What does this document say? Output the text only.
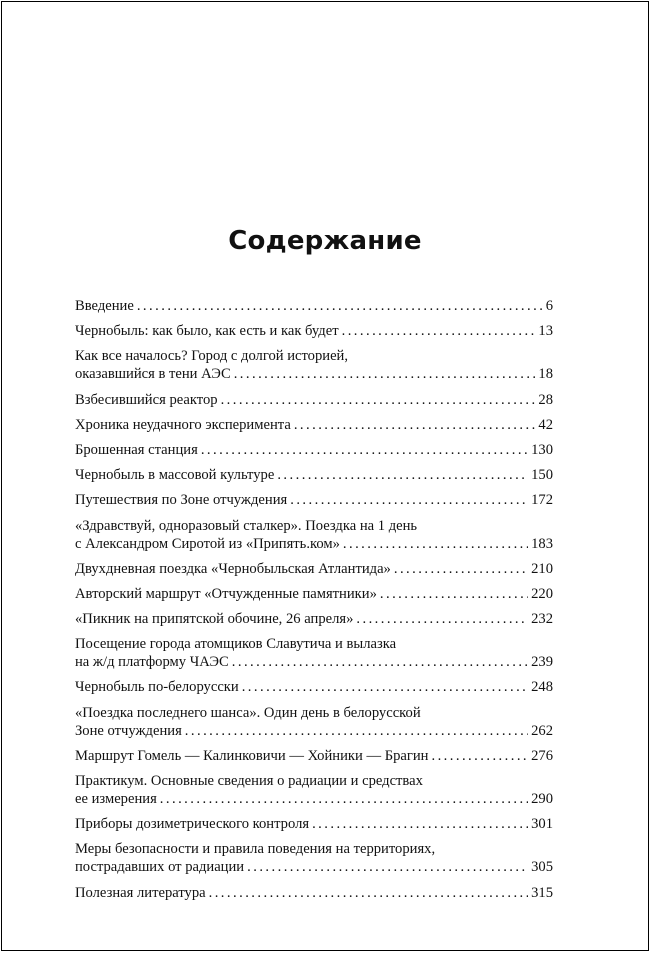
Содержание
Введение . . .	6
Чернобыль: как было, как есть и как будет . . .	13
Как все началось? Город с долгой историей,
оказавшийся в тени АЭС . . .	18
Взбесившийся реактор . . .	28
Хроника неудачного эксперимента . . .	42
Брошенная станция . . .	130
Чернобыль в массовой культуре . . .	150
Путешествия по Зоне отчуждения . . .	172
«Здравствуй, одноразовый сталкер». Поездка на 1 день
с Александром Сиротой из «Припять.ком» . . .	183
Двухдневная поездка «Чернобыльская Атлантида» . . .	210
Авторский маршрут «Отчужденные памятники» . . .	220
«Пикник на припятской обочине, 26 апреля» . . .	232
Посещение города атомщиков Славутича и вылазка
на ж/д платформу ЧАЭС . . .	239
Чернобыль по-белорусски . . .	248
«Поездка последнего шанса». Один день в белорусской
Зоне отчуждения . . .	262
Маршрут Гомель — Калинковичи — Хойники — Брагин . . .	276
Практикум. Основные сведения о радиации и средствах
ее измерения . . .	290
Приборы дозиметрического контроля . . .	301
Меры безопасности и правила поведения на территориях,
пострадавших от радиации . . .	305
Полезная литература . . .	315
